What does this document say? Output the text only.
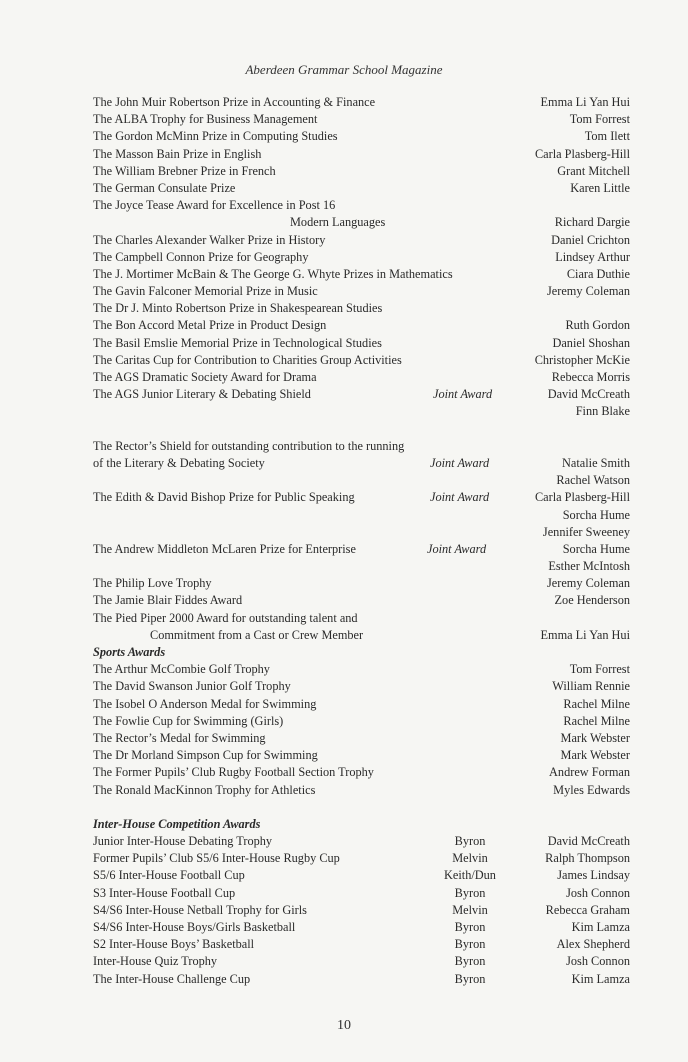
Aberdeen Grammar School Magazine
The John Muir Robertson Prize in Accounting & Finance	Emma Li Yan Hui
The ALBA Trophy for Business Management	Tom Forrest
The Gordon McMinn Prize in Computing Studies	Tom Ilett
The Masson Bain Prize in English	Carla Plasberg-Hill
The William Brebner Prize in French	Grant Mitchell
The German Consulate Prize	Karen Little
The Joyce Tease Award for Excellence in Post 16
Modern Languages	Richard Dargie
The Charles Alexander Walker Prize in History	Daniel Crichton
The Campbell Connon Prize for Geography	Lindsey Arthur
The J. Mortimer McBain & The George G. Whyte Prizes in Mathematics	Ciara Duthie
The Gavin Falconer Memorial Prize in Music	Jeremy Coleman
The Dr J. Minto Robertson Prize in Shakespearean Studies
The Bon Accord Metal Prize in Product Design	Ruth Gordon
The Basil Emslie Memorial Prize in Technological Studies	Daniel Shoshan
The Caritas Cup for Contribution to Charities Group Activities	Christopher McKie
The AGS Dramatic Society Award for Drama	Rebecca Morris
The AGS Junior Literary & Debating Shield	Joint Award	David McCreath
Finn Blake
The Rector’s Shield for outstanding contribution to the running
of the Literary & Debating Society	Joint Award	Natalie Smith
Rachel Watson
The Edith & David Bishop Prize for Public Speaking	Joint Award	Carla Plasberg-Hill
Sorcha Hume
Jennifer Sweeney
The Andrew Middleton McLaren Prize for Enterprise	Joint Award	Sorcha Hume
Esther McIntosh
The Philip Love Trophy	Jeremy Coleman
The Jamie Blair Fiddes Award	Zoe Henderson
The Pied Piper 2000 Award for outstanding talent and
Commitment from a Cast or Crew Member	Emma Li Yan Hui
Sports Awards
The Arthur McCombie Golf Trophy	Tom Forrest
The David Swanson Junior Golf Trophy	William Rennie
The Isobel O Anderson Medal for Swimming	Rachel Milne
The Fowlie Cup for Swimming (Girls)	Rachel Milne
The Rector’s Medal for Swimming	Mark Webster
The Dr Morland Simpson Cup for Swimming	Mark Webster
The Former Pupils’ Club Rugby Football Section Trophy	Andrew Forman
The Ronald MacKinnon Trophy for Athletics	Myles Edwards
Inter-House Competition Awards
Junior Inter-House Debating Trophy	Byron	David McCreath
Former Pupils’ Club S5/6 Inter-House Rugby Cup	Melvin	Ralph Thompson
S5/6 Inter-House Football Cup	Keith/Dun	James Lindsay
S3 Inter-House Football Cup	Byron	Josh Connon
S4/S6 Inter-House Netball Trophy for Girls	Melvin	Rebecca Graham
S4/S6 Inter-House Boys/Girls Basketball	Byron	Kim Lamza
S2 Inter-House Boys’ Basketball	Byron	Alex Shepherd
Inter-House Quiz Trophy	Byron	Josh Connon
The Inter-House Challenge Cup	Byron	Kim Lamza
10
